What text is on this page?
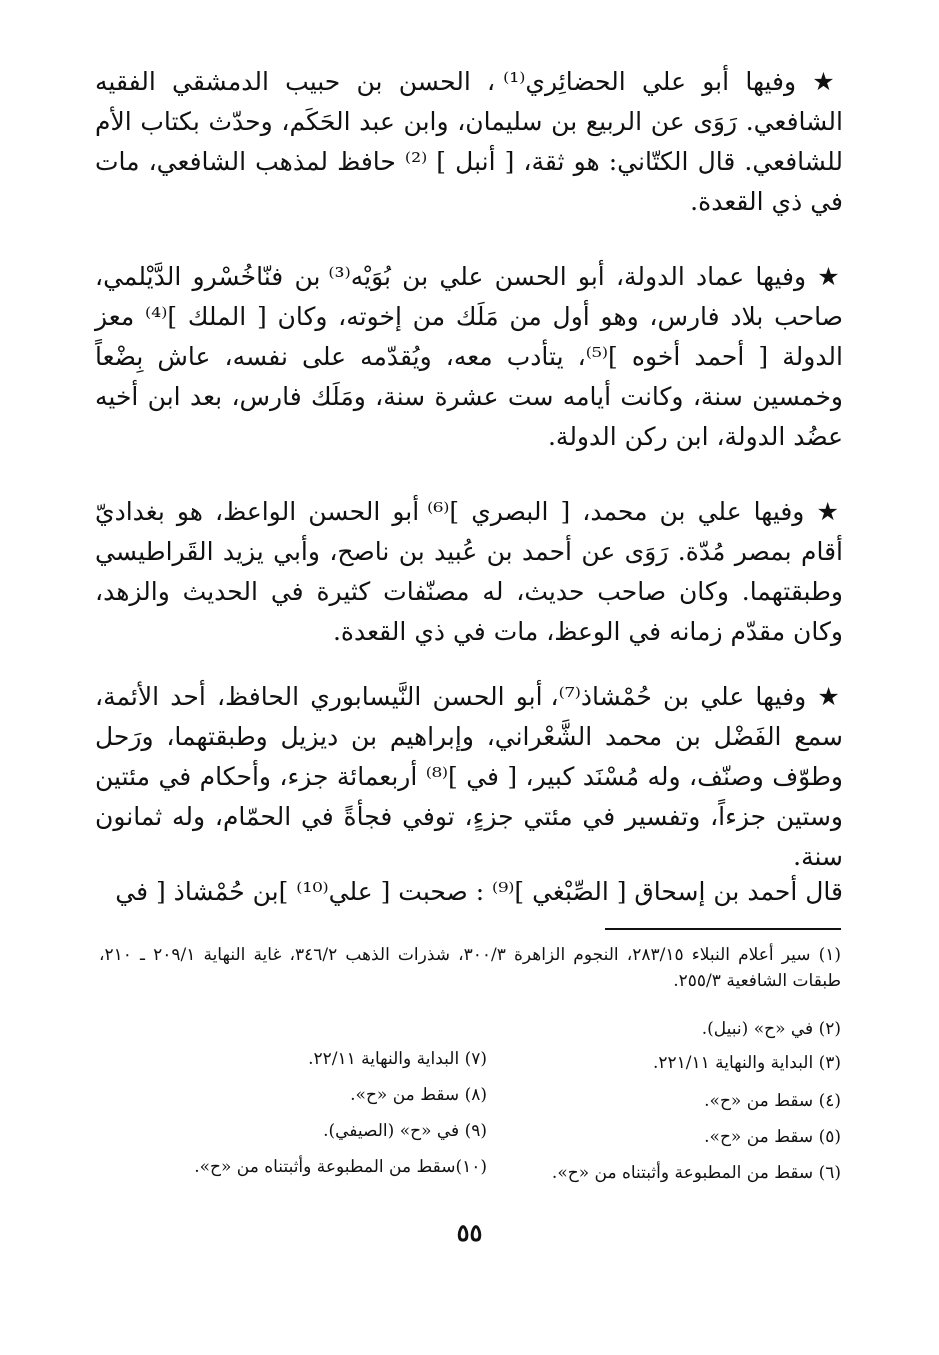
★ وفيها أبو علي الحضائِري⁽¹⁾ ، الحسن بن حبيب الدمشقي الفقيه الشافعي. رَوَى عن الربيع بن سليمان، وابن عبد الحَكَم، وحدّث بكتاب الأم للشافعي. قال الكتّاني: هو ثقة، [ أنبل ] ⁽²⁾ حافظ لمذهب الشافعي، مات في ذي القعدة.

★ وفيها عماد الدولة، أبو الحسن علي بن بُوَيْه⁽³⁾ بن فنّاخُسْرو الدَّيْلمي، صاحب بلاد فارس، وهو أول من مَلَك من إخوته، وكان [ الملك ]⁽⁴⁾ معز الدولة [ أحمد أخوه ]⁽⁵⁾، يتأدب معه، ويُقدّمه على نفسه، عاش بِضْعاً وخمسين سنة، وكانت أيامه ست عشرة سنة، ومَلَك فارس، بعد ابن أخيه عضُد الدولة، ابن ركن الدولة.

★ وفيها علي بن محمد، [ البصري ]⁽⁶⁾ أبو الحسن الواعظ، هو بغداديّ أقام بمصر مُدّة. رَوَى عن أحمد بن عُبيد بن ناصح، وأبي يزيد القَراطيسي وطبقتهما. وكان صاحب حديث، له مصنّفات كثيرة في الحديث والزهد، وكان مقدّم زمانه في الوعظ، مات في ذي القعدة.

★ وفيها علي بن حُمْشاذ⁽⁷⁾، أبو الحسن النَّيسابوري الحافظ، أحد الأئمة، سمع الفَضْل بن محمد الشَّعْراني، وإبراهيم بن ديزيل وطبقتهما، ورَحل وطوّف وصنّف، وله مُسْنَد كبير، [ في ]⁽⁸⁾ أربعمائة جزء، وأحكام في مئتين وستين جزءاً، وتفسير في مئتي جزءٍ، توفي فجأةً في الحمّام، وله ثمانون سنة.

قال أحمد بن إسحاق [ الصِّبْغي ]⁽⁹⁾ : صحبت [ علي⁽¹⁰⁾ ]بن حُمْشاذ [ في

(١) سير أعلام النبلاء ٢٨٣/١٥، النجوم الزاهرة ٣٠٠/٣، شذرات الذهب ٣٤٦/٢، غاية النهاية ٢٠٩/١ ـ ٢١٠، طبقات الشافعية ٢٥٥/٣.

(٢) في «ح» (نبيل).

(٣) البداية والنهاية ٢٢١/١١.

(٤) سقط من «ح».

(٥) سقط من «ح».

(٦) سقط من المطبوعة وأثبتناه من «ح».

(٧) البداية والنهاية ٢٢/١١.

(٨) سقط من «ح».

(٩) في «ح» (الصيفي).

(١٠)سقط من المطبوعة وأثبتناه من «ح».

٥٥
